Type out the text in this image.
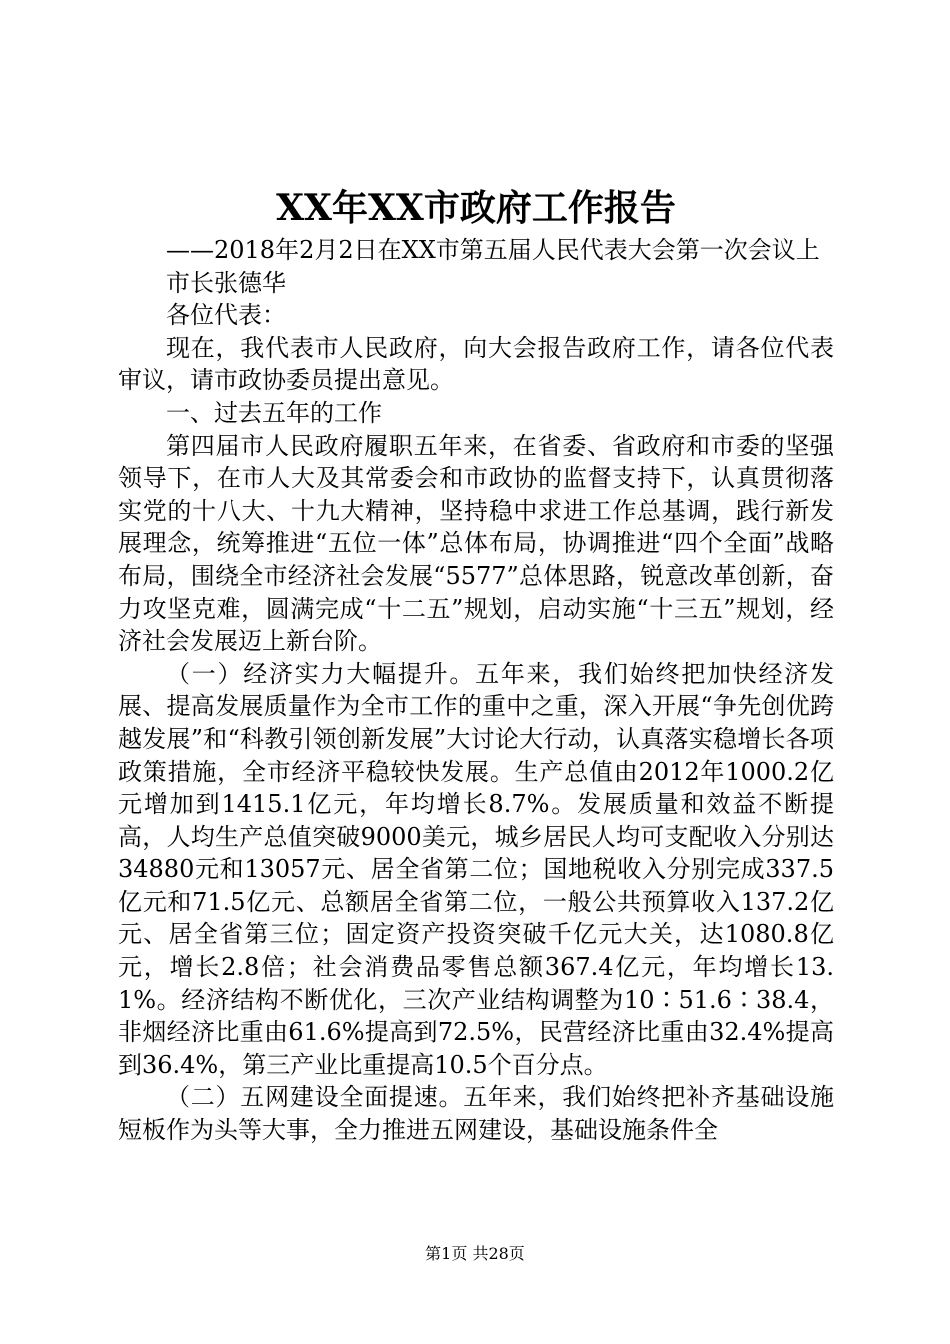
XX年XX市政府工作报告

——2018年2月2日在XX市第五届人民代表大会第一次会议上

市长张德华

各位代表：

现在，我代表市人民政府，向大会报告政府工作，请各位代表审议，请市政协委员提出意见。

一、过去五年的工作

第四届市人民政府履职五年来，在省委、省政府和市委的坚强领导下，在市人大及其常委会和市政协的监督支持下，认真贯彻落实党的十八大、十九大精神，坚持稳中求进工作总基调，践行新发展理念，统筹推进“五位一体”总体布局，协调推进“四个全面”战略布局，围绕全市经济社会发展“5577”总体思路，锐意改革创新，奋力攻坚克难，圆满完成“十二五”规划，启动实施“十三五”规划，经济社会发展迈上新台阶。

（一）经济实力大幅提升。五年来，我们始终把加快经济发展、提高发展质量作为全市工作的重中之重，深入开展“争先创优跨越发展”和“科教引领创新发展”大讨论大行动，认真落实稳增长各项政策措施，全市经济平稳较快发展。生产总值由2012年1000.2亿元增加到1415.1亿元，年均增长8.7%。发展质量和效益不断提高，人均生产总值突破9000美元，城乡居民人均可支配收入分别达34880元和13057元、居全省第二位；国地税收入分别完成337.5亿元和71.5亿元、总额居全省第二位，一般公共预算收入137.2亿元、居全省第三位；固定资产投资突破千亿元大关，达1080.8亿元，增长2.8倍；社会消费品零售总额367.4亿元，年均增长13.1%。经济结构不断优化，三次产业结构调整为10∶51.6∶38.4，非烟经济比重由61.6%提高到72.5%，民营经济比重由32.4%提高到36.4%，第三产业比重提高10.5个百分点。

（二）五网建设全面提速。五年来，我们始终把补齐基础设施短板作为头等大事，全力推进五网建设，基础设施条件全

第1页 共28页
